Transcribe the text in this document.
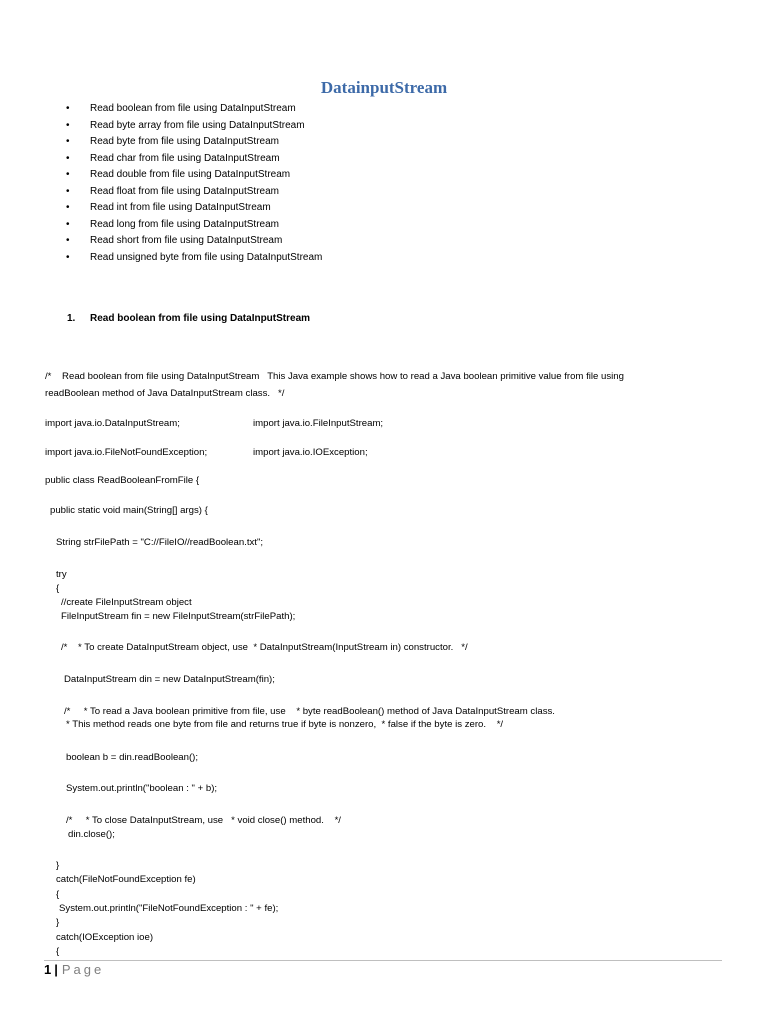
DatainputStream
• Read boolean from file using DataInputStream
• Read byte array from file using DataInputStream
• Read byte from file using DataInputStream
• Read char from file using DataInputStream
• Read double from file using DataInputStream
• Read float from file using DataInputStream
• Read int from file using DataInputStream
• Read long from file using DataInputStream
• Read short from file using DataInputStream
• Read unsigned byte from file using DataInputStream
1. Read boolean from file using DataInputStream
/*    Read boolean from file using DataInputStream   This Java example shows how to read a Java boolean primitive value from file using
readBoolean method of Java DataInputStream class.   */
import java.io.DataInputStream;	import java.io.FileInputStream;
import java.io.FileNotFoundException;	import java.io.IOException;
public class ReadBooleanFromFile {
public static void main(String[] args) {
String strFilePath = "C://FileIO//readBoolean.txt";
try
{
//create FileInputStream object
FileInputStream fin = new FileInputStream(strFilePath);
/*    * To create DataInputStream object, use  * DataInputStream(InputStream in) constructor.   */
DataInputStream din = new DataInputStream(fin);
/*     * To read a Java boolean primitive from file, use    * byte readBoolean() method of Java DataInputStream class.
* This method reads one byte from file and returns true if byte is nonzero,  * false if the byte is zero.    */
boolean b = din.readBoolean();
System.out.println("boolean : " + b);
/*     * To close DataInputStream, use   * void close() method.    */
din.close();
}
catch(FileNotFoundException fe)
{
System.out.println("FileNotFoundException : " + fe);
}
catch(IOException ioe)
{
1 | Page
